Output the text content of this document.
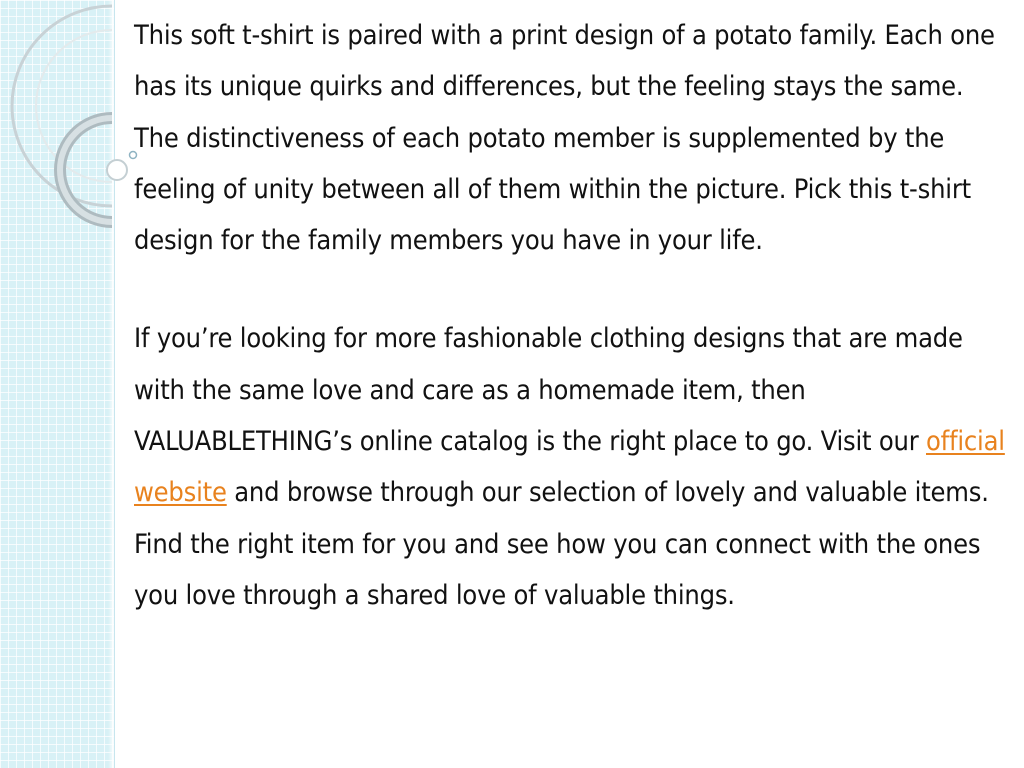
This soft t-shirt is paired with a print design of a potato family. Each one has its unique quirks and differences, but the feeling stays the same. The distinctiveness of each potato member is supplemented by the feeling of unity between all of them within the picture. Pick this t-shirt design for the family members you have in your life.

If you’re looking for more fashionable clothing designs that are made with the same love and care as a homemade item, then VALUABLETHING’s online catalog is the right place to go. Visit our official website and browse through our selection of lovely and valuable items. Find the right item for you and see how you can connect with the ones you love through a shared love of valuable things.
